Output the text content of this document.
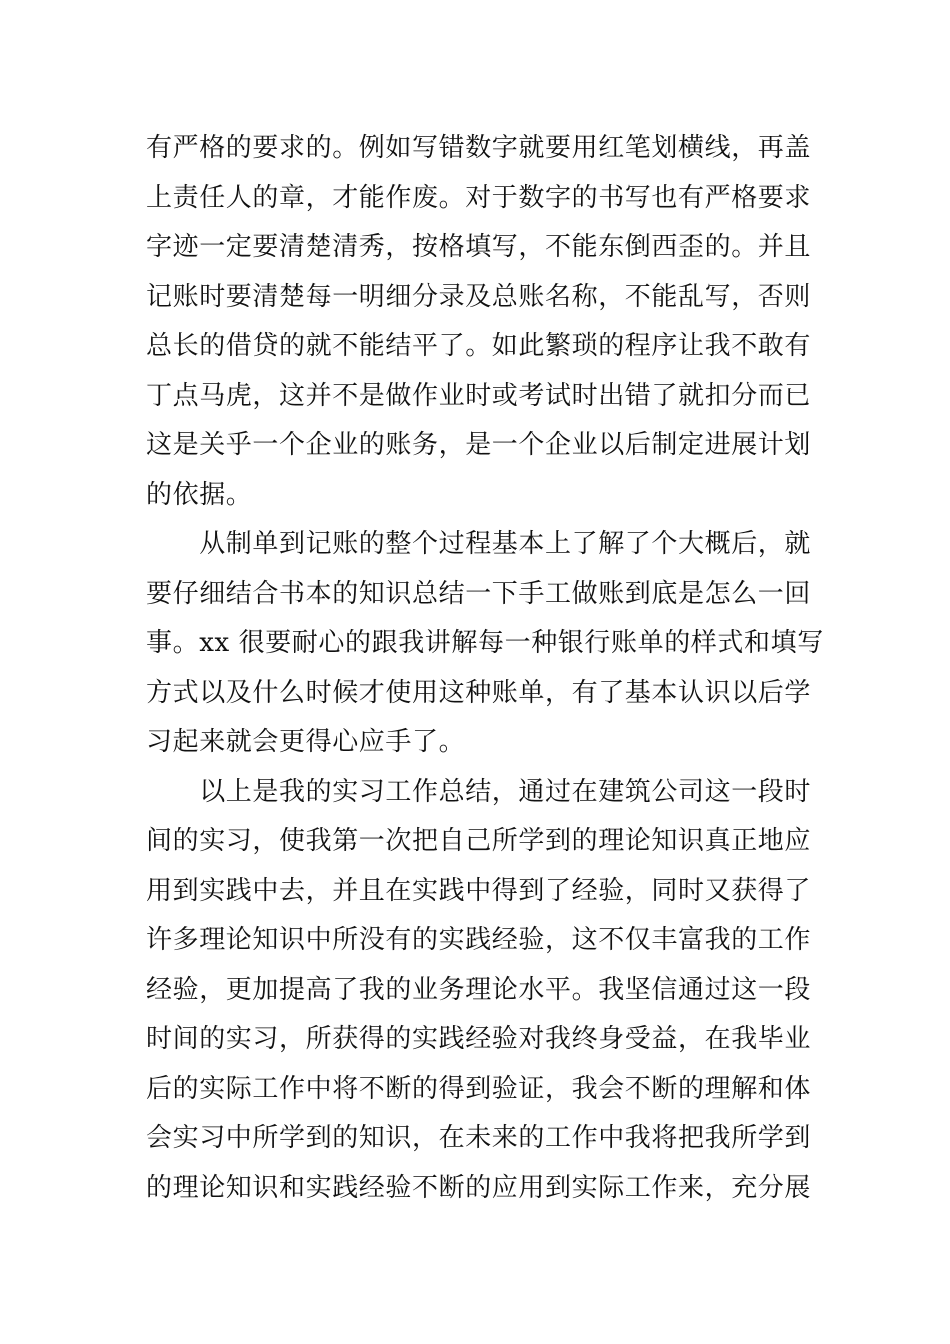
有严格的要求的。例如写错数字就要用红笔划横线，再盖
上责任人的章，才能作废。对于数字的书写也有严格要求
字迹一定要清楚清秀，按格填写，不能东倒西歪的。并且
记账时要清楚每一明细分录及总账名称，不能乱写，否则
总长的借贷的就不能结平了。如此繁琐的程序让我不敢有
丁点马虎，这并不是做作业时或考试时出错了就扣分而已
这是关乎一个企业的账务，是一个企业以后制定进展计划
的依据。
　　从制单到记账的整个过程基本上了解了个大概后，就
要仔细结合书本的知识总结一下手工做账到底是怎么一回
事。xx 很要耐心的跟我讲解每一种银行账单的样式和填写
方式以及什么时候才使用这种账单，有了基本认识以后学
习起来就会更得心应手了。
　　以上是我的实习工作总结，通过在建筑公司这一段时
间的实习，使我第一次把自己所学到的理论知识真正地应
用到实践中去，并且在实践中得到了经验，同时又获得了
许多理论知识中所没有的实践经验，这不仅丰富我的工作
经验，更加提高了我的业务理论水平。我坚信通过这一段
时间的实习，所获得的实践经验对我终身受益，在我毕业
后的实际工作中将不断的得到验证，我会不断的理解和体
会实习中所学到的知识，在未来的工作中我将把我所学到
的理论知识和实践经验不断的应用到实际工作来，充分展
